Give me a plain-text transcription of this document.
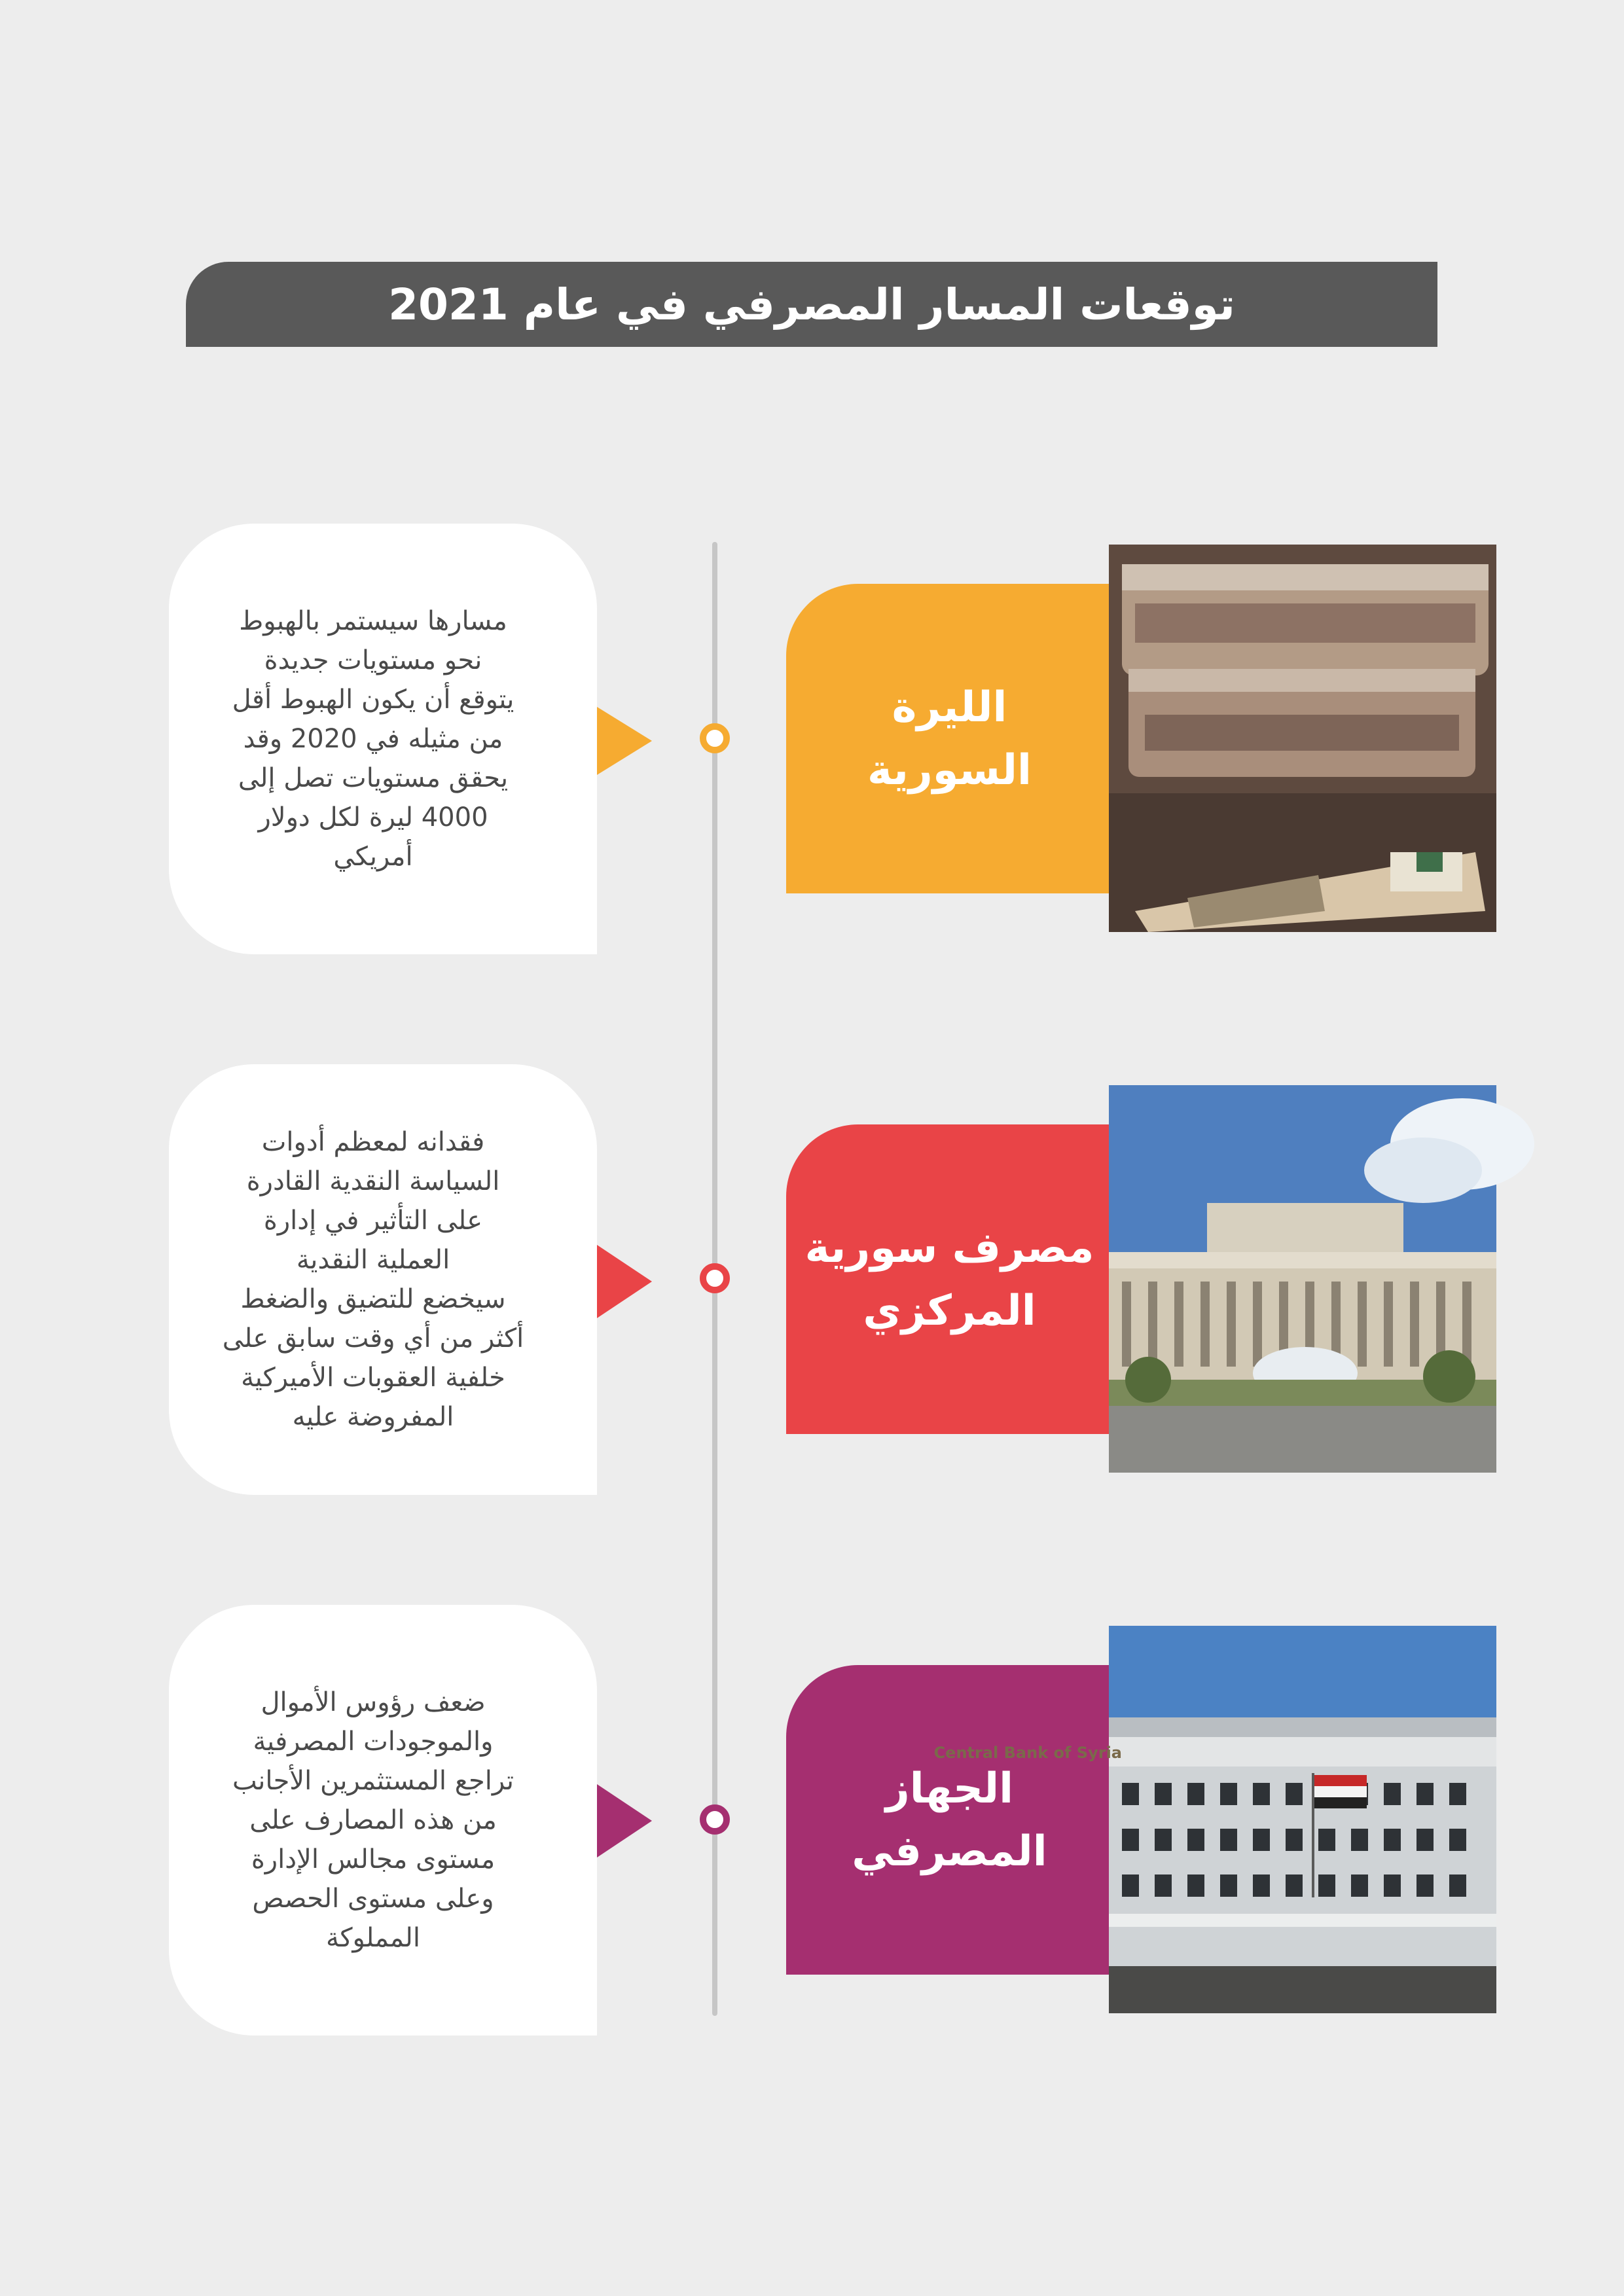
توقعات المسار المصرفي في عام 2021
مسارها سيستمر بالهبوط
نحو مستويات جديدة
يتوقع أن يكون الهبوط أقل
من مثيله في 2020 وقد
يحقق مستويات تصل إلى
4000 ليرة لكل دولار
أمريكي
الليرة
السورية
فقدانه لمعظم أدوات
السياسة النقدية القادرة
على التأثير في إدارة
العملية النقدية
سيخضع للتضيق والضغط
أكثر من أي وقت سابق على
خلفية العقوبات الأميركية
المفروضة عليه
مصرف سورية
المركزي
ضعف رؤوس الأموال
والموجودات المصرفية
تراجع المستثمرين الأجانب
من هذه المصارف على
مستوى مجالس الإدارة
وعلى مستوى الحصص
المملوكة
الجهاز
المصرفي
Central Bank of Syria
